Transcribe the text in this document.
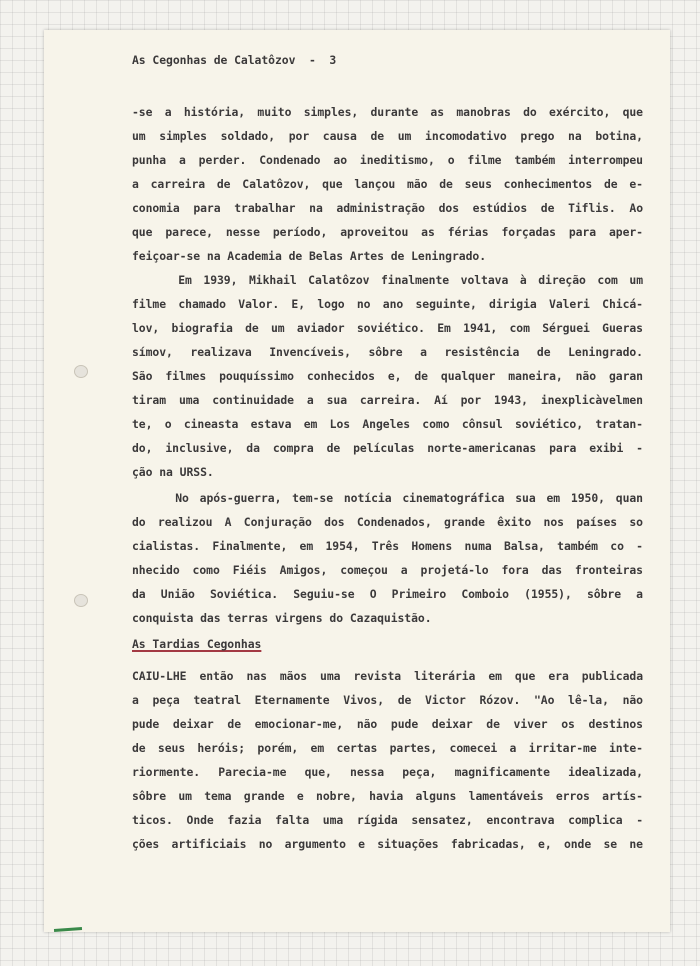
As Cegonhas de Calatôzov  -  3
-se a história, muito simples, durante as manobras do exército, que
um simples soldado, por causa de um incomodativo prego na botina,
punha a perder. Condenado ao ineditismo, o filme também interrompeu
a carreira de Calatôzov, que lançou mão de seus conhecimentos de e-
conomia para trabalhar na administração dos estúdios de Tiflis. Ao
que parece, nesse período, aproveitou as férias forçadas para aper-
feiçoar-se na Academia de Belas Artes de Leningrado.
Em 1939, Mikhail Calatôzov finalmente voltava à direção com um
filme chamado Valor. E, logo no ano seguinte, dirigia Valeri Chicá-
lov, biografia de um aviador soviético. Em 1941, com Sérguei Gueras
símov, realizava Invencíveis, sôbre a resistência de Leningrado.
São filmes pouquíssimo conhecidos e, de qualquer maneira, não garan
tiram uma continuidade a sua carreira. Aí por 1943, inexplicàvelmen
te, o cineasta estava em Los Angeles como cônsul soviético, tratan-
do, inclusive, da compra de películas norte-americanas para exibi -
ção na URSS.
No após-guerra, tem-se notícia cinematográfica sua em 1950, quan
do realizou A Conjuração dos Condenados, grande êxito nos países so
cialistas. Finalmente, em 1954, Três Homens numa Balsa, também co -
nhecido como Fiéis Amigos, começou a projetá-lo fora das fronteiras
da União Soviética. Seguiu-se O Primeiro Comboio (1955), sôbre a
conquista das terras virgens do Cazaquistão.
As Tardias Cegonhas
CAIU-LHE então nas mãos uma revista literária em que era publicada
a peça teatral Eternamente Vivos, de Victor Rózov. "Ao lê-la, não
pude deixar de emocionar-me, não pude deixar de viver os destinos
de seus heróis; porém, em certas partes, comecei a irritar-me inte-
riormente. Parecia-me que, nessa peça, magnificamente idealizada,
sôbre um tema grande e nobre, havia alguns lamentáveis erros artís-
ticos. Onde fazia falta uma rígida sensatez, encontrava complica -
ções artificiais no argumento e situações fabricadas, e, onde se ne
